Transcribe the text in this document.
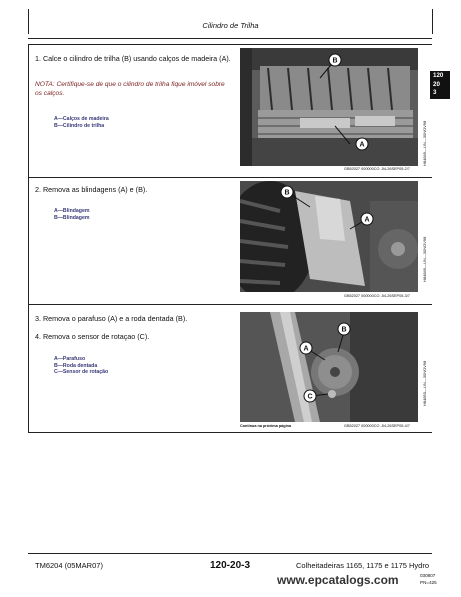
Cilindro de Trilha
120
20
3
1. Calce o cilindro de trilha (B) usando calços de madeira (A).
NOTA: Certifique-se de que o cilindro de trilha fique imóvel sobre os calços.
A—Calços de madeira
B—Cilindro de trilha
B
A	H84849—UN—30NOV98
GB52027 000000CO -54-26SEP05-2/7
2. Remova as blindagens (A) e (B).
A—Blindagem
B—Blindagem
B
A
H84849—UN—30NOV98
GB52027 000000CO -54-26SEP05-3/7
3. Remova o parafuso (A) e a roda dentada (B).
4. Remova o sensor de rotaçao (C).
A—Parafuso
B—Roda dentada
C—Sensor de rotação
A
B
C	H84850—UN—30NOV98
Continua na próxima página	GB52027 000000CO -54-26SEP05-4/7
TM6204 (05MAR07)	120-20-3	Colheitadeiras 1165, 1175 e 1175 Hydro
030807
PN=425
www.epcatalogs.com
